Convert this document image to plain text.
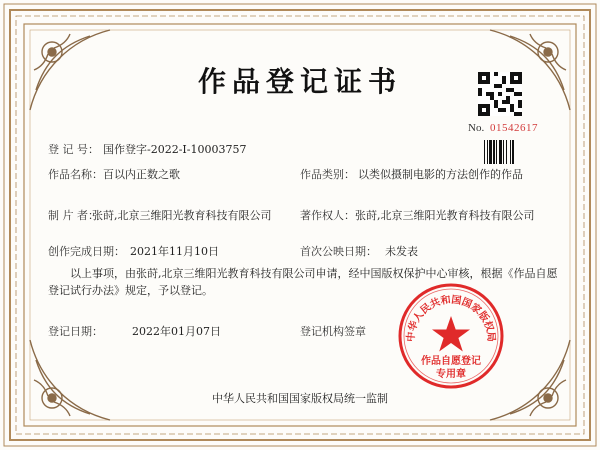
作品登记证书
No. 01542617
登 记 号： 国作登字-2022-I-10003757
作品名称： 百以内正数之歌	作品类别： 以类似摄制电影的方法创作的作品
制 片 者：
张莳,北京三维阳光教育科技有限公司	著作权人： 张莳,北京三维阳光教育科技有限公司
创作完成日期： 2021年11月10日	首次公映日期： 未发表
以上事项，由张莳,北京三维阳光教育科技有限公司申请，经中国版权保护中心审核，根据《作品自愿登记试行办法》规定，予以登记。
登记日期：	2022年01月07日	登记机构签章	中华人民共和国国家版权局
作品自愿登记
专用章
中华人民共和国国家版权局统一监制
